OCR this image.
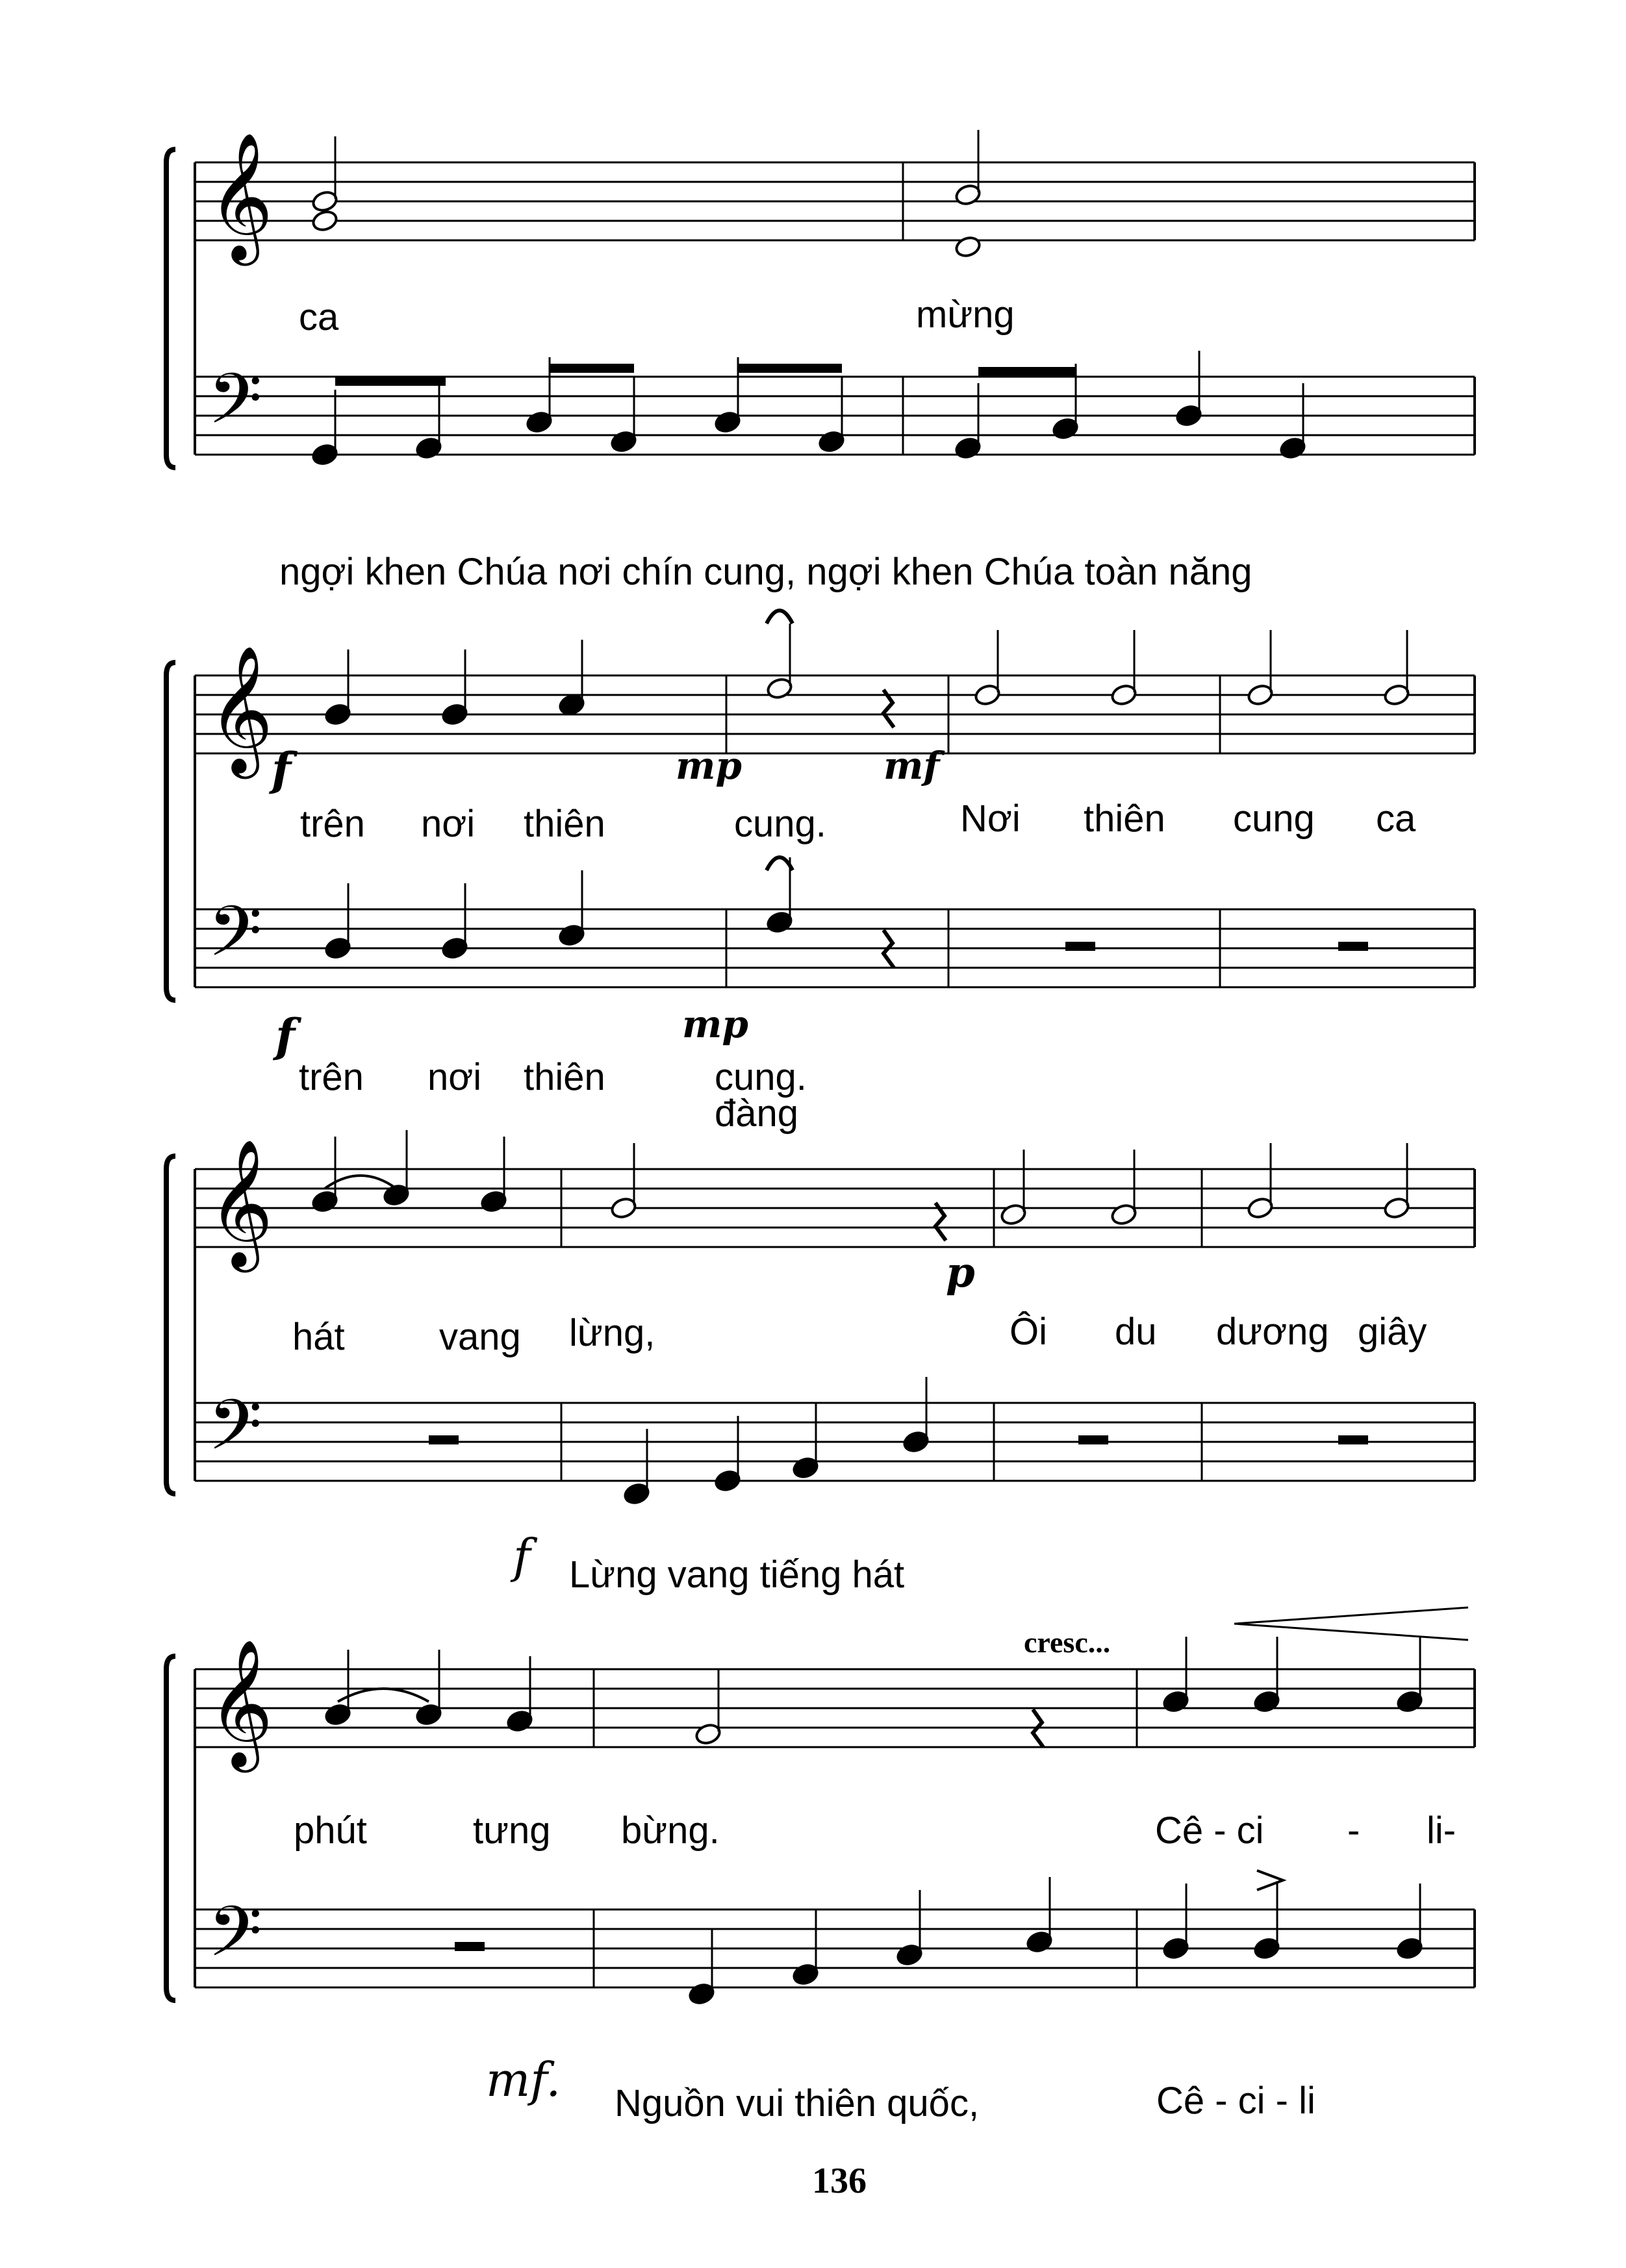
𝄞
𝄢
𝄞
𝄢
𝄞
𝄢
𝄞
𝄢
ca	mừng
ngợi khen Chúa nơi chín cung, ngợi khen Chúa toàn năng
f	mp	mf
trên nơi thiên	cung.	Nơi thiên cung ca
f	mp
trên nơi thiên	cung.
đàng
p
hát	vang lừng,	Ôi du dương giây
f Lừng vang tiếng hát
cresc...
phút	tưng bừng.	Cê - ci - li-
mf. Nguồn vui thiên quốc,	Cê - ci - li
136
